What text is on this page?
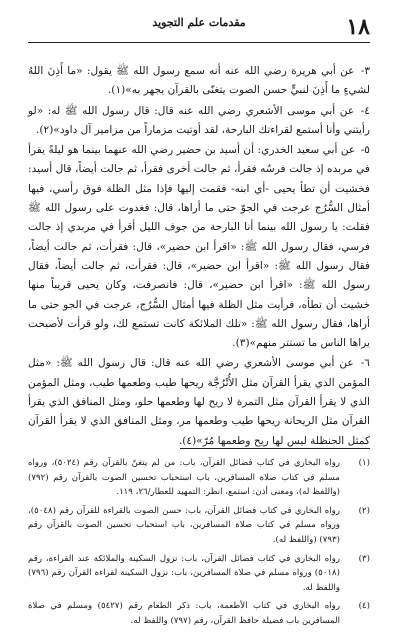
١٨
مقدمات علم التجويد

٣- عن أبي هريرة رضي الله عنه أنه سمع رسول الله ﷺ يقول: «ما أَذِنَ اللهُ لشيءٍ ما أَذِنَ لنبيٍّ حسن الصوت يتغنّى بالقرآن يجهر به»(١).

٤- عن أبي موسى الأشعري رضي الله عنه قال: قال رسول الله ﷺ له: «لو رأيتني وأنا أستمع لقراءتك البارحة، لقد أوتيت مزماراً من مزامير آل داود»(٢).

٥- عن أبي سعيد الخدري: أن أسيد بن حضير رضي الله عنهما بينما هو ليلةً يقرأ في مربده إذ جالت فرسُه فقرأ، ثم جالت أخرى فقرأ، ثم جالت أيضاً، قال أسيد: فخشيت أن تطأ يحيى -أي ابنه- فقمت إليها فإذا مثل الظلة فوق رأسي، فيها أمثال السُّرُج عرجت في الجوّ حتى ما أراها، قال: فغدوت على رسول الله ﷺ فقلت: يا رسول الله بينما أنا البارحة من جوف الليل أقرأ في مربدي إذ جالت فرسي، فقال رسول الله ﷺ: «اقرأ ابن حضير»، قال: فقرأت، ثم جالت أيضاً، فقال رسول الله ﷺ: «اقرأ ابن حضير»، قال: فقرأت، ثم جالت أيضاً، فقال رسول الله ﷺ: «اقرأ ابن حضير»، قال: فانصرفت، وكان يحيى قريباً منها خشيت أن تطأه، فرأيت مثل الظلة فيها أمثال السُّرُج، عرجت في الجو حتى ما أراها، فقال رسول الله ﷺ: «تلك الملائكة كانت تستمع لك، ولو قرأت لأصبحت يراها الناس ما تستتر منهم»(٣).

٦- عن أبي موسى الأشعري رضي الله عنه قال: قال رسول الله ﷺ: «مثل المؤمن الذي يقرأ القرآن مثل الأُتْرُجَّة ريحها طيب وطعمها طيب، ومثل المؤمن الذي لا يقرأ القرآن مثل التمرة لا ريح لها وطعمها حلو، ومثل المنافق الذي يقرأ القرآن مثل الريحانة ريحها طيب وطعمها مر، ومثل المنافق الذي لا يقرأ القرآن كمثل الحنظلة ليس لها ريح وطعمها مُرّ»(٤).

(١)
رواه البخاري في كتاب فضائل القرآن، باب: من لم يتغنّ بالقرآن رقم (٥٠٢٤)، ورواه مسلم في كتاب صلاة المسافرين، باب استحباب تحسين الصوت بالقرآن رقم (٧٩٢) (واللفظ له)، ومعنى أذن: استمع، انظر: التمهيد للعطار/٢٦، ١١٩.

(٢)
رواه البخاري في كتاب فضائل القرآن، باب: حسن الصوت بالقراءة للقرآن رقم (٥٠٤٨)، ورواه مسلم في كتاب صلاة المسافرين، باب استحباب تحسين الصوت بالقرآن رقم (٧٩٣) (واللفظ له).

(٣)
رواه البخاري في كتاب فضائل القرآن، باب: نزول السكينة والملائكة عند القراءة، رقم (٥٠١٨) ورواه مسلم في صلاة المسافرين، باب: نزول السكينة لقراءة القرآن رقم (٧٩٦) واللفظ له.

(٤)
رواه البخاري في كتاب الأطعمة، باب: ذكر الطعام رقم (٥٤٢٧) ومسلم في صلاة المسافرين باب فضيلة حافظ القرآن، رقم (٧٩٧) واللفظ له.
